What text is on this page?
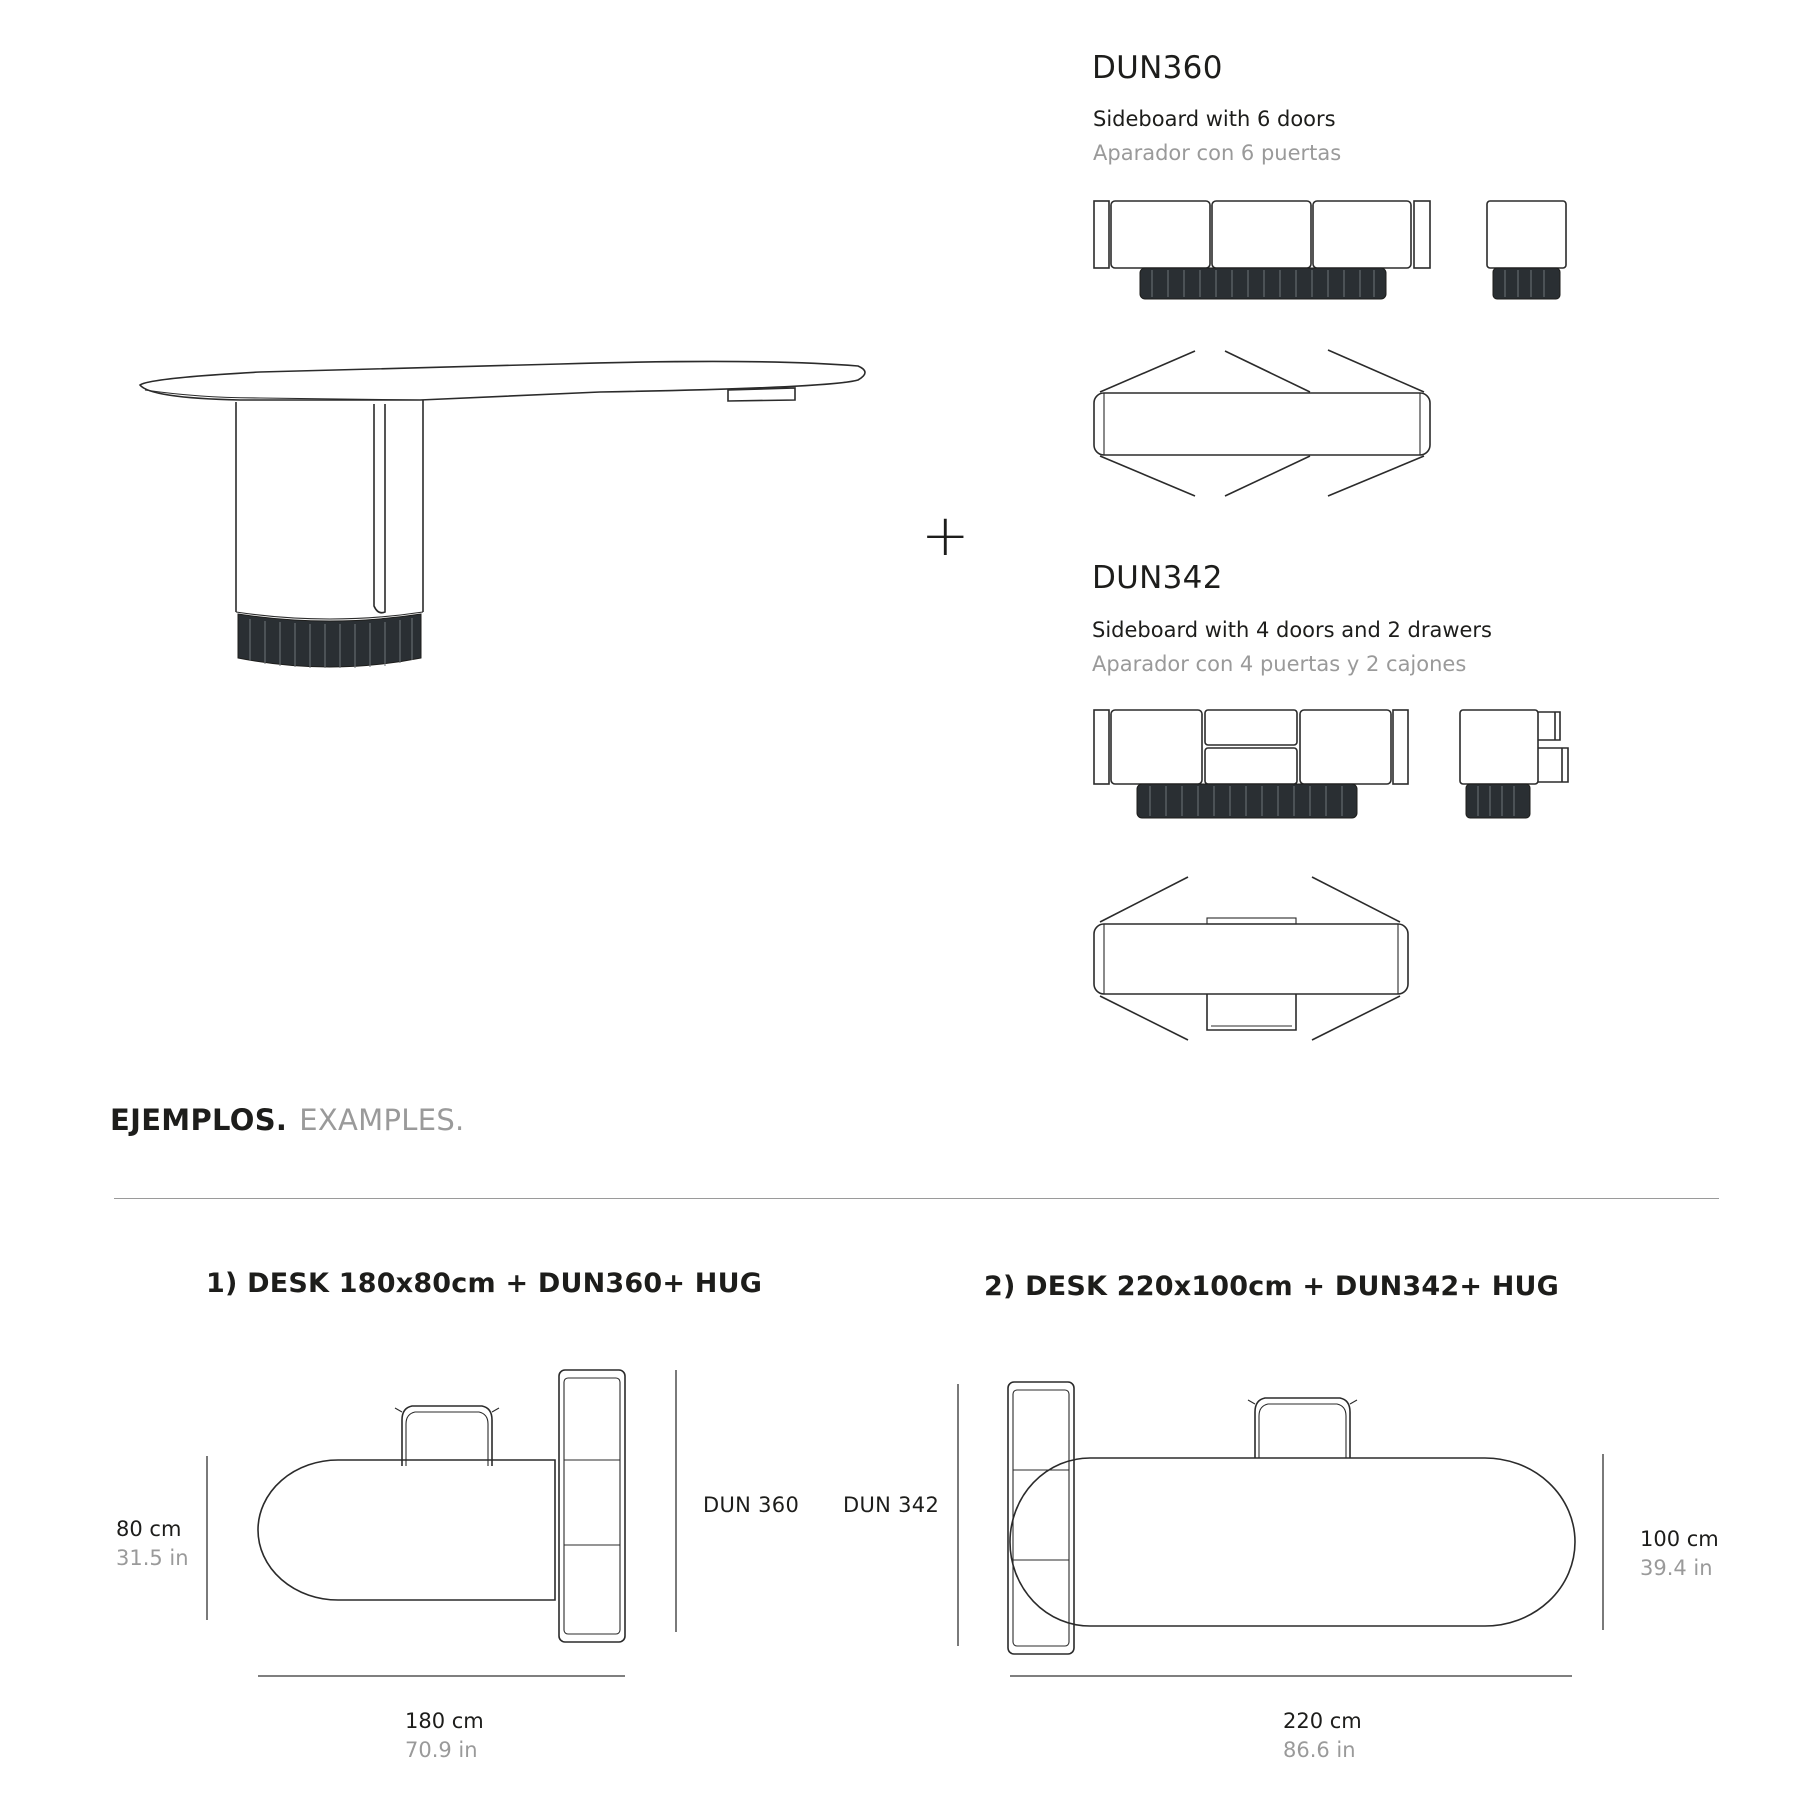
+
DUN360
Sideboard with 6 doors
Aparador con 6 puertas
DUN342
Sideboard with 4 doors and 2 drawers
Aparador con 4 puertas y 2 cajones
EJEMPLOS. EXAMPLES.
1) DESK 180x80cm + DUN360+ HUG
DUN 360
80 cm
31.5 in
180 cm
70.9 in
2) DESK 220x100cm + DUN342+ HUG
DUN 342
100 cm
39.4 in
220 cm
86.6 in
